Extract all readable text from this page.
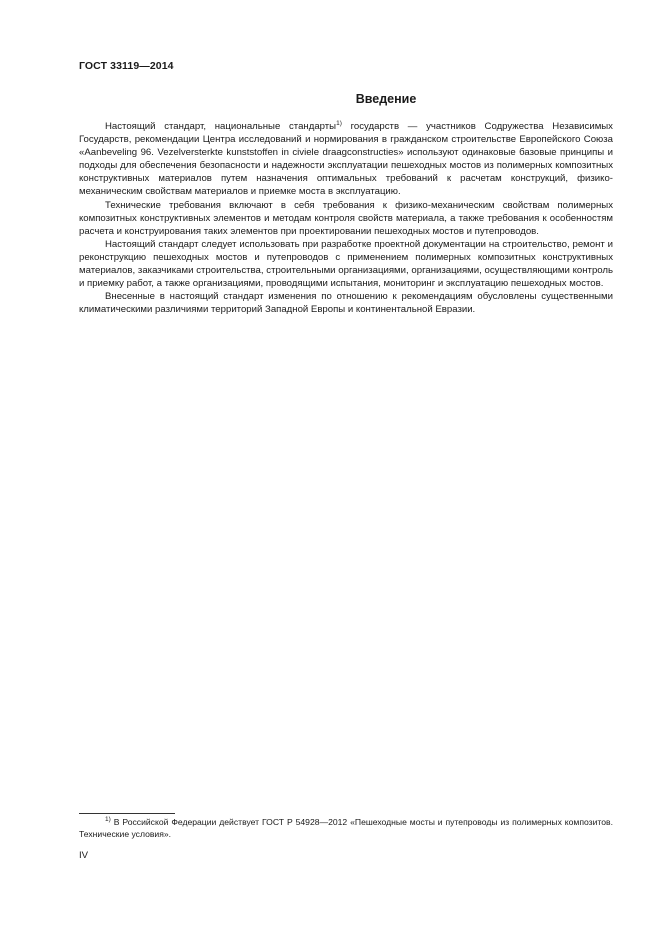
ГОСТ 33119—2014
Введение

Настоящий стандарт, национальные стандарты$^{1)}$ государств — участников Содружества Независимых Государств, рекомендации Центра исследований и нормирования в гражданском строительстве Европейского Союза «Aanbeveling 96. Vezelversterkte kunststoffen in civiele draagconstructies» используют одинаковые базовые принципы и подходы для обеспечения безопасности и надежности эксплуатации пешеходных мостов из полимерных композитных конструктивных материалов путем назначения оптимальных требований к расчетам конструкций, физико-механическим свойствам материалов и приемке моста в эксплуатацию.

Технические требования включают в себя требования к физико-механическим свойствам полимерных композитных конструктивных элементов и методам контроля свойств материала, а также требования к особенностям расчета и конструирования таких элементов при проектировании пешеходных мостов и путепроводов.

Настоящий стандарт следует использовать при разработке проектной документации на строительство, ремонт и реконструкцию пешеходных мостов и путепроводов с применением полимерных композитных конструктивных материалов, заказчиками строительства, строительными организациями, организациями, осуществляющими контроль и приемку работ, а также организациями, проводящими испытания, мониторинг и эксплуатацию пешеходных мостов.

Внесенные в настоящий стандарт изменения по отношению к рекомендациям обусловлены существенными климатическими различиями территорий Западной Европы и континентальной Евразии.

$^{1)}$ В Российской Федерации действует ГОСТ Р 54928—2012 «Пешеходные мосты и путепроводы из полимерных композитов. Технические условия».

IV
